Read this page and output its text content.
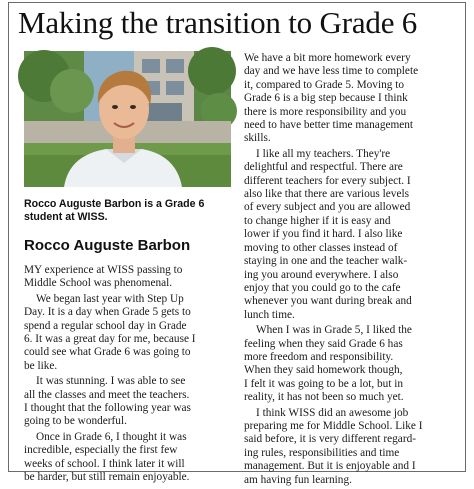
Making the transition to Grade 6
Rocco Auguste Barbon is a Grade 6
student at WISS.
Rocco Auguste Barbon

MY experience at WISS passing to
Middle School was phenomenal.

We began last year with Step Up
Day. It is a day when Grade 5 gets to
spend a regular school day in Grade
6. It was a great day for me, because I
could see what Grade 6 was going to
be like.

It was stunning. I was able to see
all the classes and meet the teachers.
I thought that the following year was
going to be wonderful.

Once in Grade 6, I thought it was
incredible, especially the first few
weeks of school. I think later it will
be harder, but still remain enjoyable.

We have a bit more homework every
day and we have less time to complete
it, compared to Grade 5. Moving to
Grade 6 is a big step because I think
there is more responsibility and you
need to have better time management
skills.

I like all my teachers. They're
delightful and respectful. There are
different teachers for every subject. I
also like that there are various levels
of every subject and you are allowed
to change higher if it is easy and
lower if you find it hard. I also like
moving to other classes instead of
staying in one and the teacher walk-
ing you around everywhere. I also
enjoy that you could go to the cafe
whenever you want during break and
lunch time.

When I was in Grade 5, I liked the
feeling when they said Grade 6 has
more freedom and responsibility.
When they said homework though,
I felt it was going to be a lot, but in
reality, it has not been so much yet.

I think WISS did an awesome job
preparing me for Middle School. Like I
said before, it is very different regard-
ing rules, responsibilities and time
management. But it is enjoyable and I
am having fun learning.
